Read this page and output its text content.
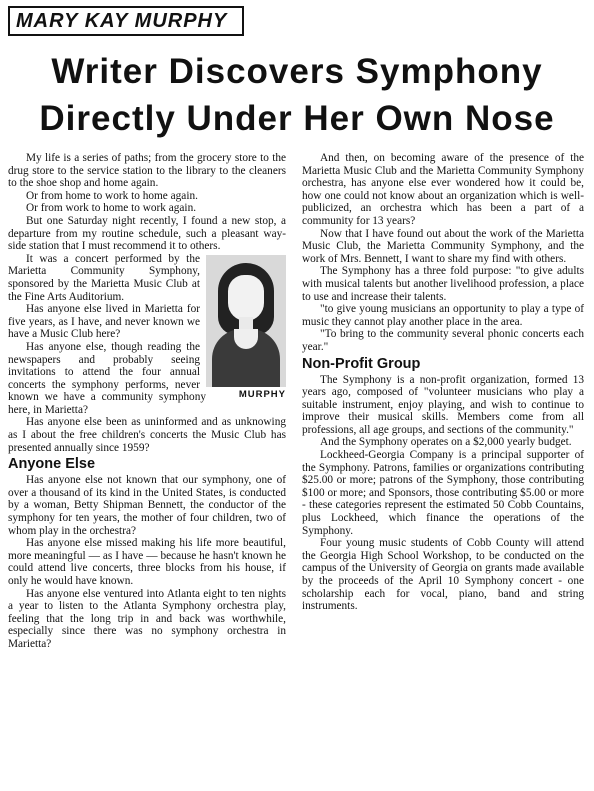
MARY KAY MURPHY
Writer Discovers Symphony
Directly Under Her Own Nose

My life is a series of paths; from the grocery store to the drug store to the service station to the library to the cleaners to the shoe shop and home again.

Or from home to work to home again.

Or from work to home to work again.

But one Saturday night recently, I found a new stop, a departure from my routine schedule, such a pleasant way-side station that I must recommend it to others.

It was a concert performed by the Marietta Community Symphony, sponsored by the Marietta Music Club at the Fine Arts Auditorium.

Has anyone else lived in Marietta for five years, as I have, and never known we have a Music Club here?

MURPHY

Has anyone else, though reading the newspapers and probably seeing invitations to attend the four annual concerts the symphony performs, never known we have a community symphony here, in Marietta?

Has anyone else been as uninformed and as unknowing as I about the free children's concerts the Music Club has presented annually since 1959?

Anyone Else

Has anyone else not known that our symphony, one of over a thousand of its kind in the United States, is conducted by a woman, Betty Shipman Bennett, the conductor of the symphony for ten years, the mother of four children, two of whom play in the orchestra?

Has anyone else missed making his life more beautiful, more meaningful — as I have — because he hasn't known he could attend live concerts, three blocks from his house, if only he would have known.

Has anyone else ventured into Atlanta eight to ten nights a year to listen to the Atlanta Symphony orchestra play, feeling that the long trip in and back was worthwhile, especially since there was no symphony orchestra in Marietta?

And then, on becoming aware of the presence of the Marietta Music Club and the Marietta Community Symphony orchestra, has anyone else ever wondered how it could be, how one could not know about an organization which is well-publicized, an orchestra which has been a part of a community for 13 years?

Now that I have found out about the work of the Marietta Music Club, the Marietta Community Symphony, and the work of Mrs. Bennett, I want to share my find with others.

The Symphony has a three fold purpose: "to give adults with musical talents but another livelihood profession, a place to use and increase their talents.

"to give young musicians an opportunity to play a type of music they cannot play another place in the area.

"To bring to the community several phonic concerts each year."

Non-Profit Group

The Symphony is a non-profit organization, formed 13 years ago, composed of "volunteer musicians who play a suitable instrument, enjoy playing, and wish to continue to improve their musical skills. Members come from all professions, all age groups, and sections of the community."

And the Symphony operates on a $2,000 yearly budget.

Lockheed-Georgia Company is a principal supporter of the Symphony. Patrons, families or organizations contributing $25.00 or more; patrons of the Symphony, those contributing $100 or more; and Sponsors, those contributing $5.00 or more - these categories represent the estimated 50 Cobb Countains, plus Lockheed, which finance the operations of the Symphony.

Four young music students of Cobb County will attend the Georgia High School Workshop, to be conducted on the campus of the University of Georgia on grants made available by the proceeds of the April 10 Symphony concert - one scholarship each for vocal, piano, band and string instruments.
